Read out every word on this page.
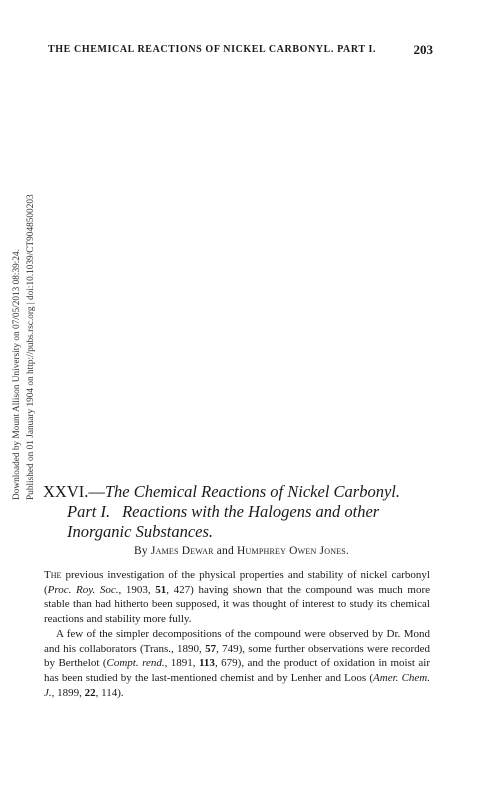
THE CHEMICAL REACTIONS OF NICKEL CARBONYL. PART I.	203
Downloaded by Mount Allison University on 07/05/2013 08:39:24. Published on 01 January 1904 on http://pubs.rsc.org | doi:10.1039/CT9048500203 XXVI.—The Chemical Reactions of Nickel Carbonyl.
Part I. Reactions with the Halogens and other
Inorganic Substances.
By James Dewar and Humphrey Owen Jones.

The previous investigation of the physical properties and stability of nickel carbonyl (Proc. Roy. Soc., 1903, 51, 427) having shown that the compound was much more stable than had hitherto been supposed, it was thought of interest to study its chemical reactions and stability more fully.

A few of the simpler decompositions of the compound were observed by Dr. Mond and his collaborators (Trans., 1890, 57, 749), some further observations were recorded by Berthelot (Compt. rend., 1891, 113, 679), and the product of oxidation in moist air has been studied by the last-mentioned chemist and by Lenher and Loos (Amer. Chem. J., 1899, 22, 114).
